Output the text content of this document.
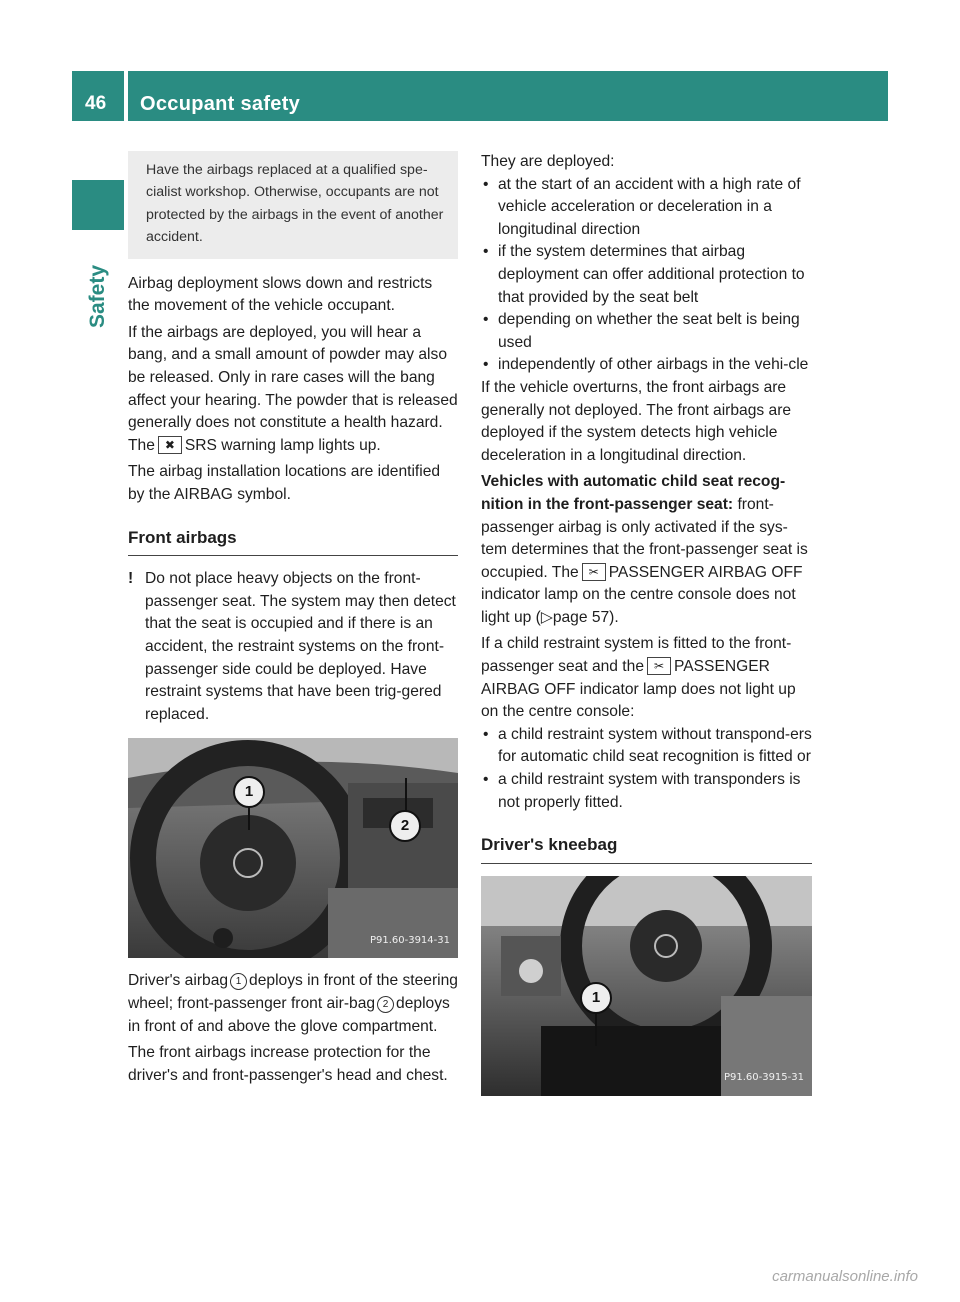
46	Occupant safety
Safety

Have the airbags replaced at a qualified spe-cialist workshop. Otherwise, occupants are not protected by the airbags in the event of another accident.

Airbag deployment slows down and restricts the movement of the vehicle occupant.

If the airbags are deployed, you will hear a bang, and a small amount of powder may also be released. Only in rare cases will the bang affect your hearing. The powder that is released generally does not constitute a health hazard. The ✖︎ SRS warning lamp lights up.

The airbag installation locations are identified by the AIRBAG symbol.

Front airbags

! Do not place heavy objects on the front-passenger seat. The system may then detect that the seat is occupied and if there is an accident, the restraint systems on the front-passenger side could be deployed. Have restraint systems that have been trig-gered replaced.

1
2
P91.60-3914-31

Driver's airbag 1 deploys in front of the steering wheel; front-passenger front air-bag 2 deploys in front of and above the glove compartment.

The front airbags increase protection for the driver's and front-passenger's head and chest.

They are deployed:

• at the start of an accident with a high rate of vehicle acceleration or deceleration in a longitudinal direction

• if the system determines that airbag deployment can offer additional protection to that provided by the seat belt

• depending on whether the seat belt is being used

• independently of other airbags in the vehi-cle

If the vehicle overturns, the front airbags are generally not deployed. The front airbags are deployed if the system detects high vehicle deceleration in a longitudinal direction.

Vehicles with automatic child seat recog-nition in the front-passenger seat: front-passenger airbag is only activated if the sys-tem determines that the front-passenger seat is occupied. The ✂︎ PASSENGER AIRBAG OFF indicator lamp on the centre console does not light up (▷page 57).

If a child restraint system is fitted to the front-passenger seat and the ✂︎ PASSENGER AIRBAG OFF indicator lamp does not light up on the centre console:

• a child restraint system without transpond-ers for automatic child seat recognition is fitted or

• a child restraint system with transponders is not properly fitted.

Driver's kneebag

1
P91.60-3915-31
carmanualsonline.info
